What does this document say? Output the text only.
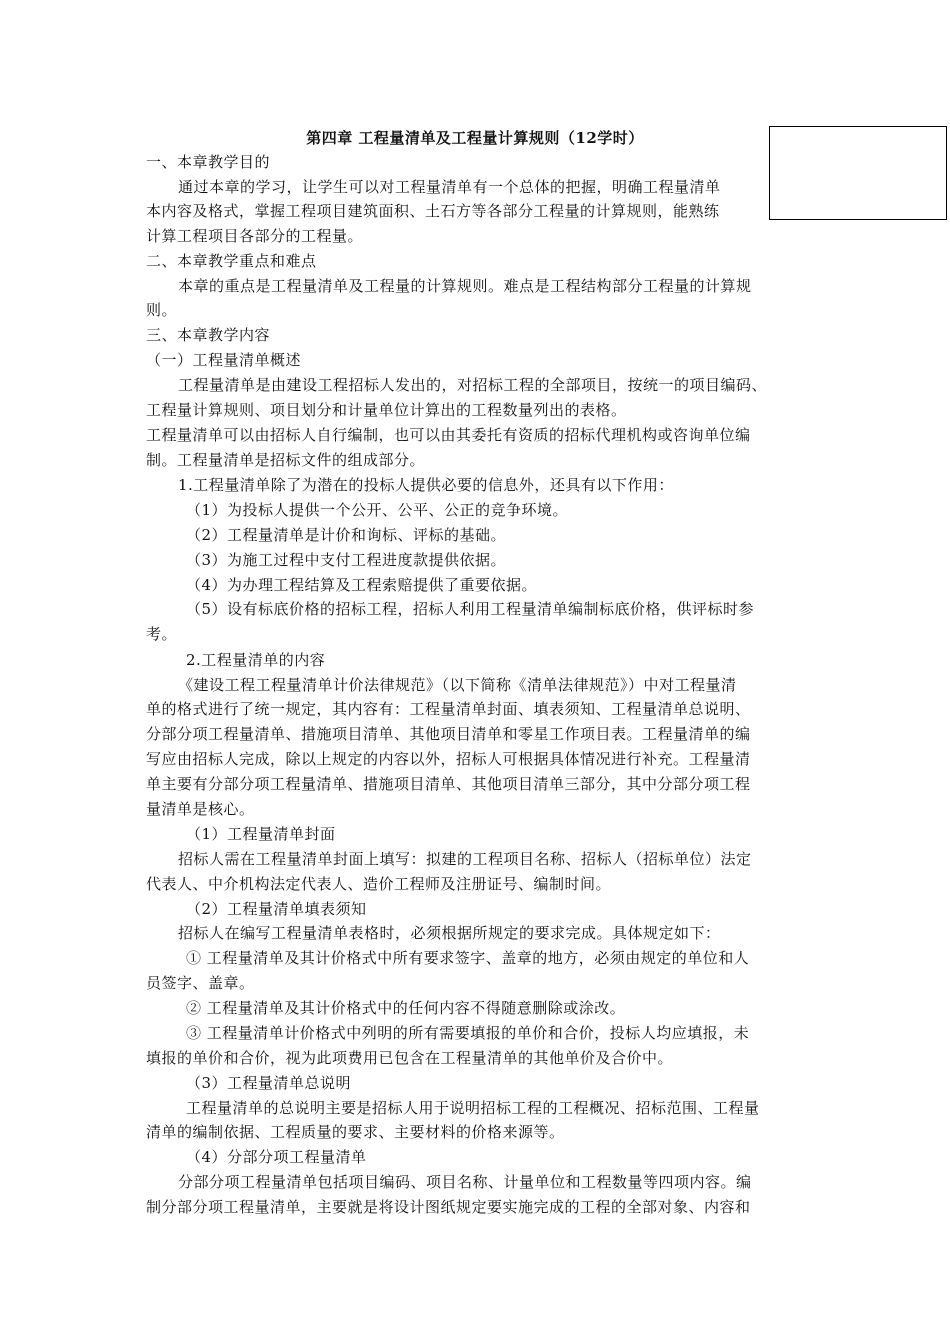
第四章 工程量清单及工程量计算规则（12学时）
一、本章教学目的
通过本章的学习，让学生可以对工程量清单有一个总体的把握，明确工程量清单
本内容及格式，掌握工程项目建筑面积、土石方等各部分工程量的计算规则，能熟练
计算工程项目各部分的工程量。
二、本章教学重点和难点
本章的重点是工程量清单及工程量的计算规则。难点是工程结构部分工程量的计算规
则。
三、本章教学内容
（一）工程量清单概述
工程量清单是由建设工程招标人发出的，对招标工程的全部项目，按统一的项目编码、
工程量计算规则、项目划分和计量单位计算出的工程数量列出的表格。
工程量清单可以由招标人自行编制，也可以由其委托有资质的招标代理机构或咨询单位编
制。工程量清单是招标文件的组成部分。
1.工程量清单除了为潜在的投标人提供必要的信息外，还具有以下作用：
（1）为投标人提供一个公开、公平、公正的竞争环境。
（2）工程量清单是计价和询标、评标的基础。
（3）为施工过程中支付工程进度款提供依据。
（4）为办理工程结算及工程索赔提供了重要依据。
（5）设有标底价格的招标工程，招标人利用工程量清单编制标底价格，供评标时参
考。
2.工程量清单的内容
《建设工程工程量清单计价法律规范》（以下简称《清单法律规范》）中对工程量清
单的格式进行了统一规定，其内容有：工程量清单封面、填表须知、工程量清单总说明、
分部分项工程量清单、措施项目清单、其他项目清单和零星工作项目表。工程量清单的编
写应由招标人完成，除以上规定的内容以外，招标人可根据具体情况进行补充。工程量清
单主要有分部分项工程量清单、措施项目清单、其他项目清单三部分，其中分部分项工程
量清单是核心。
（1）工程量清单封面
招标人需在工程量清单封面上填写：拟建的工程项目名称、招标人（招标单位）法定
代表人、中介机构法定代表人、造价工程师及注册证号、编制时间。
（2）工程量清单填表须知
招标人在编写工程量清单表格时，必须根据所规定的要求完成。具体规定如下：
① 工程量清单及其计价格式中所有要求签字、盖章的地方，必须由规定的单位和人
员签字、盖章。
② 工程量清单及其计价格式中的任何内容不得随意删除或涂改。
③ 工程量清单计价格式中列明的所有需要填报的单价和合价，投标人均应填报，未
填报的单价和合价，视为此项费用已包含在工程量清单的其他单价及合价中。
（3）工程量清单总说明
工程量清单的总说明主要是招标人用于说明招标工程的工程概况、招标范围、工程量
清单的编制依据、工程质量的要求、主要材料的价格来源等。
（4）分部分项工程量清单
分部分项工程量清单包括项目编码、项目名称、计量单位和工程数量等四项内容。编
制分部分项工程量清单，主要就是将设计图纸规定要实施完成的工程的全部对象、内容和
